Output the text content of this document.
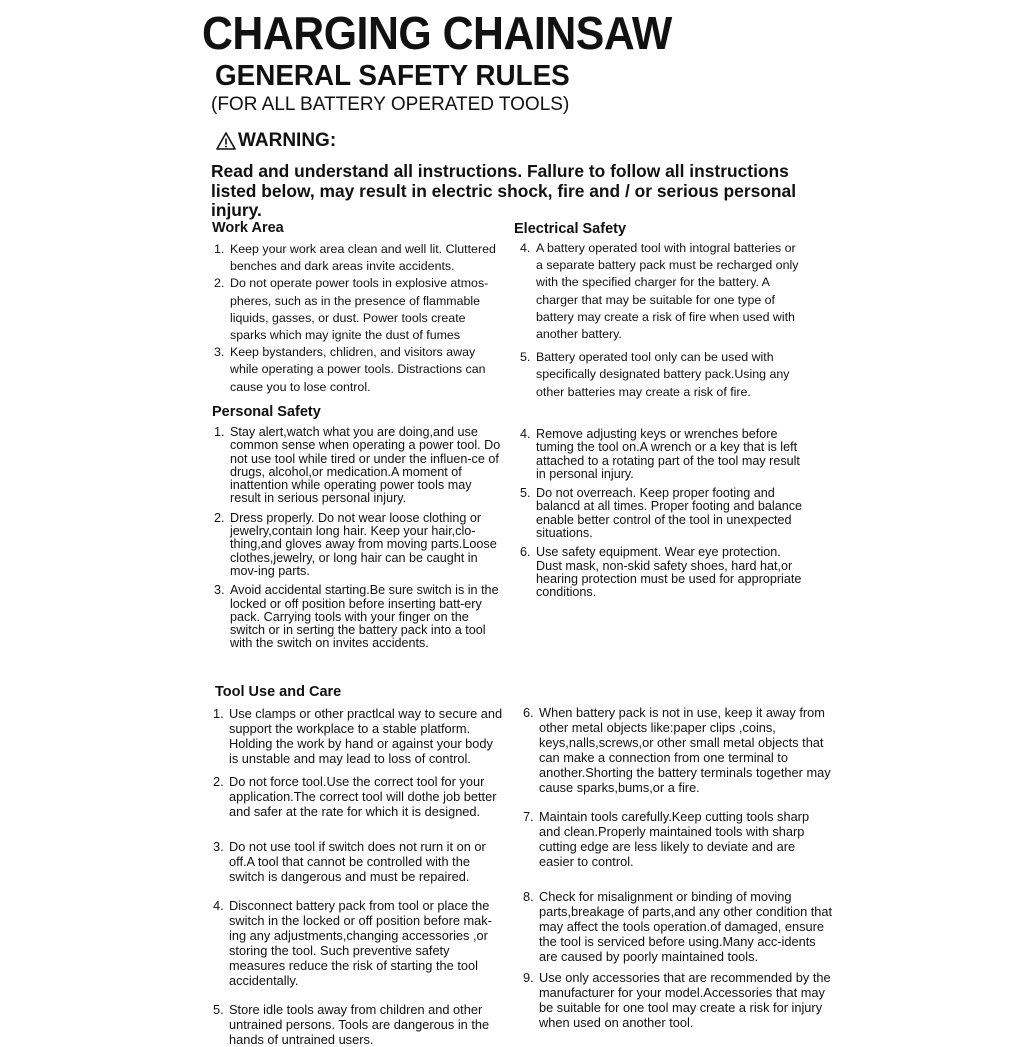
CHARGING CHAINSAW
GENERAL SAFETY RULES
(FOR ALL BATTERY OPERATED TOOLS)
WARNING:
Read and understand all instructions. Fallure to follow all instructions listed below, may result in electric shock, fire and / or serious personal injury.
Work Area
1. Keep your work area clean and well lit. Cluttered benches and dark areas invite accidents.
2. Do not operate power tools in explosive atmos-pheres, such as in the presence of flammable liquids, gasses, or dust. Power tools create sparks which may ignite the dust of fumes
3. Keep bystanders, chlidren, and visitors away while operating a power tools. Distractions can cause you to lose control.
Electrical Safety
4. A battery operated tool with intogral batteries or a separate battery pack must be recharged only with the specified charger for the battery. A charger that may be suitable for one type of battery may create a risk of fire when used with another battery.
5. Battery operated tool only can be used with specifically designated battery pack.Using any other batteries may create a risk of fire.
Personal Safety
1. Stay alert,watch what you are doing,and use common sense when operating a power tool. Do not use tool while tired or under the influen-ce of drugs, alcohol,or medication.A moment of inattention while operating power tools may result in serious personal injury.
2. Dress properly. Do not wear loose clothing or jewelry,contain long hair. Keep your hair,clo-thing,and gloves away from moving parts.Loose clothes,jewelry, or long hair can be caught in mov-ing parts.
3. Avoid accidental starting.Be sure switch is in the locked or off position before inserting batt-ery pack. Carrying tools with your finger on the switch or in serting the battery pack into a tool with the switch on invites accidents.
4. Remove adjusting keys or wrenches before tuming the tool on.A wrench or a key that is left attached to a rotating part of the tool may result in personal injury.
5. Do not overreach. Keep proper footing and balancd at all times. Proper footing and balance enable better control of the tool in unexpected situations.
6. Use safety equipment. Wear eye protection. Dust mask, non-skid safety shoes, hard hat,or hearing protection must be used for appropriate conditions.
Tool Use and Care
1. Use clamps or other practlcal way to secure and support the workplace to a stable platform. Holding the work by hand or against your body is unstable and may lead to loss of control.
2. Do not force tool.Use the correct tool for your application.The correct tool will dothe job better and safer at the rate for which it is designed.
3. Do not use tool if switch does not rurn it on or off.A tool that cannot be controlled with the switch is dangerous and must be repaired.
4. Disconnect battery pack from tool or place the switch in the locked or off position before mak-ing any adjustments,changing accessories ,or storing the tool. Such preventive safety measures reduce the risk of starting the tool accidentally.
5. Store idle tools away from children and other untrained persons. Tools are dangerous in the hands of untrained users.
6. When battery pack is not in use, keep it away from other metal objects like:paper clips ,coins, keys,nalls,screws,or other small metal objects that can make a connection from one terminal to another.Shorting the battery terminals together may cause sparks,bums,or a fire.
7. Maintain tools carefully.Keep cutting tools sharp and clean.Properly maintained tools with sharp cutting edge are less likely to deviate and are easier to control.
8. Check for misalignment or binding of moving parts,breakage of parts,and any other condition that may affect the tools operation.of damaged, ensure the tool is serviced before using.Many acc-idents are caused by poorly maintained tools.
9. Use only accessories that are recommended by the manufacturer for your model.Accessories that may be suitable for one tool may create a risk for injury when used on another tool.
